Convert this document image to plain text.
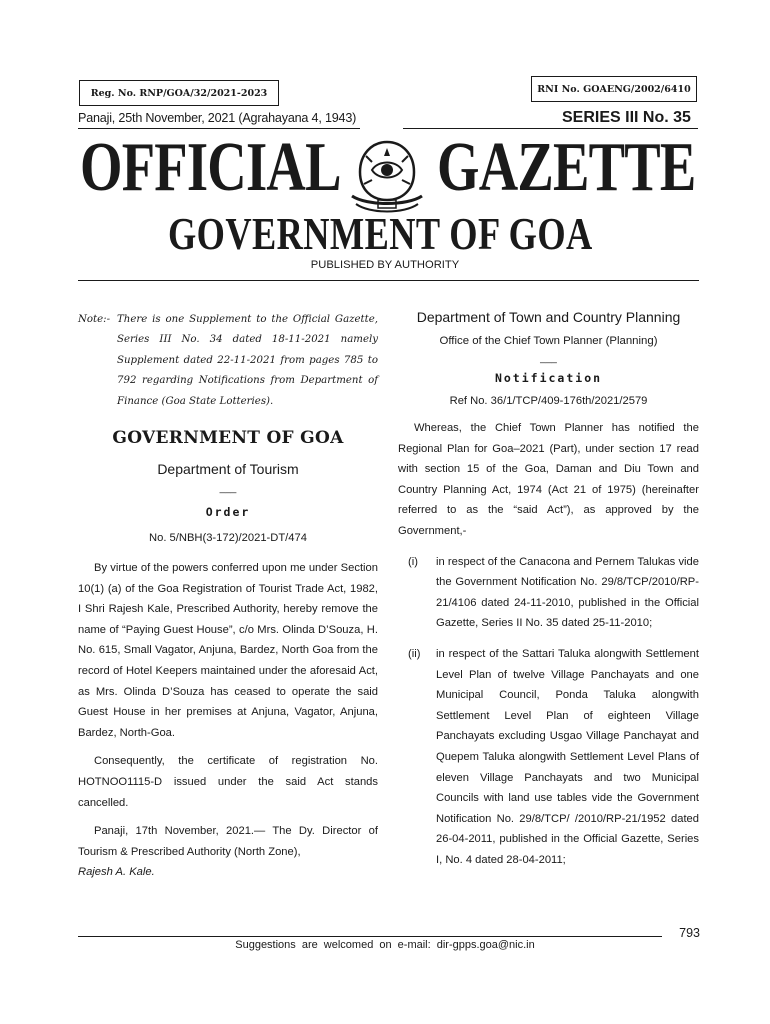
Reg. No. RNP/GOA/32/2021-2023	RNI No. GOAENG/2002/6410
Panaji, 25th November, 2021 (Agrahayana 4, 1943)	SERIES III No. 35
OFFICIAL GAZETTE
GOVERNMENT OF GOA
PUBLISHED BY AUTHORITY
Note:- There is one Supplement to the Official Gazette, Series III No. 34 dated 18-11-2021 namely Supplement dated 22-11-2021 from pages 785 to 792 regarding Notifications from Department of Finance (Goa State Lotteries).
GOVERNMENT OF GOA
Department of Tourism
___
Order
No. 5/NBH(3-172)/2021-DT/474
By virtue of the powers conferred upon me under Section 10(1) (a) of the Goa Registration of Tourist Trade Act, 1982, I Shri Rajesh Kale, Prescribed Authority, hereby remove the name of “Paying Guest House”, c/o Mrs. Olinda D’Souza, H. No. 615, Small Vagator, Anjuna, Bardez, North Goa from the record of Hotel Keepers maintained under the aforesaid Act, as Mrs. Olinda D’Souza has ceased to operate the said Guest House in her premises at Anjuna, Vagator, Anjuna, Bardez, North-Goa.
Consequently, the certificate of registration No. HOTNOO1115-D issued under the said Act stands cancelled.
Panaji, 17th November, 2021.— The Dy. Director of Tourism & Prescribed Authority (North Zone),
Rajesh A. Kale.
Department of Town and Country Planning
Office of the Chief Town Planner (Planning)
___
Notification
Ref No. 36/1/TCP/409-176th/2021/2579
Whereas, the Chief Town Planner has notified the Regional Plan for Goa–2021 (Part), under section 17 read with section 15 of the Goa, Daman and Diu Town and Country Planning Act, 1974 (Act 21 of 1975) (hereinafter referred to as the “said Act”), as approved by the Government,-
(i)	in respect of the Canacona and Pernem Talukas vide the Government Notification No. 29/8/TCP/2010/RP-21/4106 dated 24-11-2010, published in the Official Gazette, Series II No. 35 dated 25-11-2010;
(ii)	in respect of the Sattari Taluka alongwith Settlement Level Plan of twelve Village Panchayats and one Municipal Council, Ponda Taluka alongwith Settlement Level Plan of eighteen Village Panchayats excluding Usgao Village Panchayat and Quepem Taluka alongwith Settlement Level Plans of eleven Village Panchayats and two Municipal Councils with land use tables vide the Government Notification No. 29/8/TCP/ /2010/RP-21/1952 dated 26-04-2011, published in the Official Gazette, Series I, No. 4 dated 28-04-2011;
793
Suggestions are welcomed on e-mail: dir-gpps.goa@nic.in
